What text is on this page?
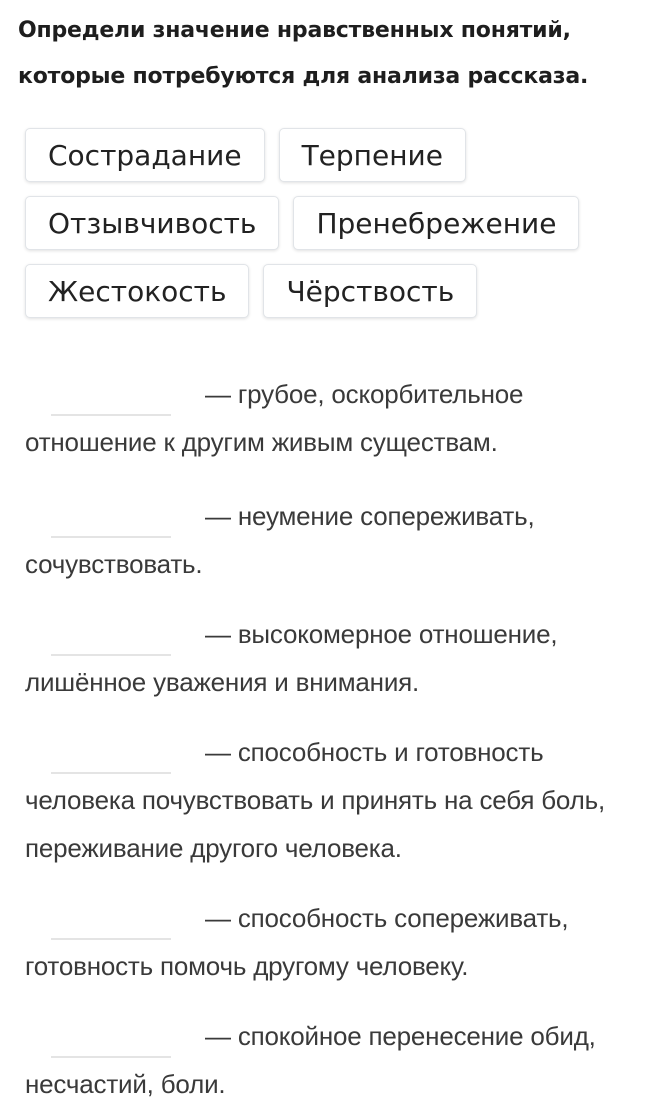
Определи значение нравственных понятий, которые потребуются для анализа рассказа.
Сострадание	Терпение
Отзывчивость	Пренебрежение
Жестокость	Чёрствость
— грубое, оскорбительное отношение к другим живым существам.
— неумение сопереживать, сочувствовать.
— высокомерное отношение, лишённое уважения и внимания.
— способность и готовность человека почувствовать и принять на себя боль, переживание другого человека.
— способность сопереживать, готовность помочь другому человеку.
— спокойное перенесение обид, несчастий, боли.
